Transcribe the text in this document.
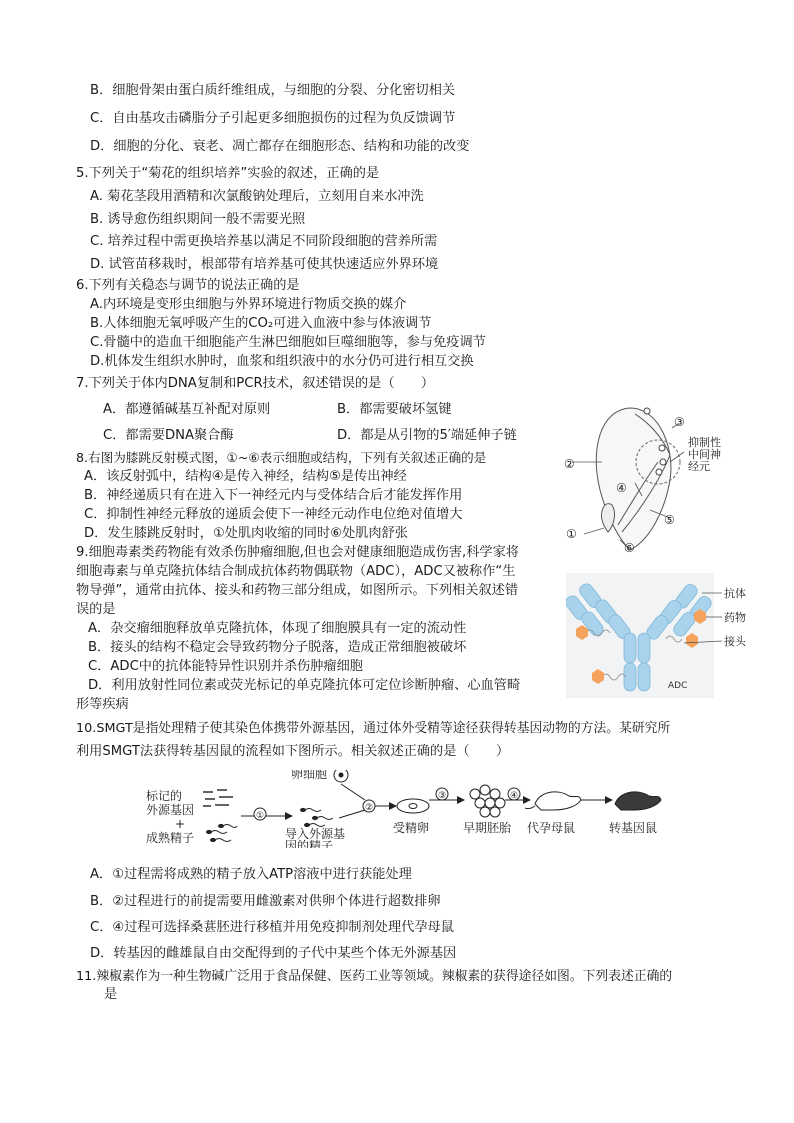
B．细胞骨架由蛋白质纤维组成，与细胞的分裂、分化密切相关
C．自由基攻击磷脂分子引起更多细胞损伤的过程为负反馈调节
D．细胞的分化、衰老、凋亡都存在细胞形态、结构和功能的改变
5.下列关于“菊花的组织培养”实验的叙述，正确的是
A. 菊花茎段用酒精和次氯酸钠处理后，立刻用自来水冲洗
B. 诱导愈伤组织期间一般不需要光照
C. 培养过程中需更换培养基以满足不同阶段细胞的营养所需
D. 试管苗移栽时，根部带有培养基可使其快速适应外界环境
6.下列有关稳态与调节的说法正确的是
A.内环境是变形虫细胞与外界环境进行物质交换的媒介
B.人体细胞无氧呼吸产生的CO₂可进入血液中参与体液调节
C.骨髓中的造血干细胞能产生淋巴细胞如巨噬细胞等，参与免疫调节
D.机体发生组织水肿时，血浆和组织液中的水分仍可进行相互交换
7.下列关于体内DNA复制和PCR技术，叙述错误的是（　　）
A．都遵循碱基互补配对原则	B．都需要破坏氢键
C．都需要DNA聚合酶	D．都是从引物的5′端延伸子链
8.右图为膝跳反射模式图，①~⑥表示细胞或结构，下列有关叙述正确的是
A．该反射弧中，结构④是传入神经，结构⑤是传出神经
B．神经递质只有在进入下一神经元内与受体结合后才能发挥作用
C．抑制性神经元释放的递质会使下一神经元动作电位绝对值增大
D．发生膝跳反射时，①处肌肉收缩的同时⑥处肌肉舒张
9.细胞毒素类药物能有效杀伤肿瘤细胞,但也会对健康细胞造成伤害,科学家将
细胞毒素与单克隆抗体结合制成抗体药物偶联物（ADC），ADC又被称作“生
物导弹”，通常由抗体、接头和药物三部分组成，如图所示。下列相关叙述错
误的是
A．杂交瘤细胞释放单克隆抗体，体现了细胞膜具有一定的流动性
B．接头的结构不稳定会导致药物分子脱落，造成正常细胞被破坏
C．ADC中的抗体能特异性识别并杀伤肿瘤细胞
D．利用放射性同位素或荧光标记的单克隆抗体可定位诊断肿瘤、心血管畸
形等疾病
10.SMGT是指处理精子使其染色体携带外源基因，通过体外受精等途径获得转基因动物的方法。某研究所
利用SMGT法获得转基因鼠的流程如下图所示。相关叙述正确的是（　　）
A．①过程需将成熟的精子放入ATP溶液中进行获能处理
B．②过程进行的前提需要用雌激素对供卵个体进行超数排卵
C．④过程可选择桑葚胚进行移植并用免疫抑制剂处理代孕母鼠
D．转基因的雌雄鼠自由交配得到的子代中某些个体无外源基因
11.辣椒素作为一种生物碱广泛用于食品保健、医药工业等领域。辣椒素的获得途径如图。下列表述正确的
是
②
③
④
⑤
①
⑥
抑制性
中间神
经元
抗体
药物
接头
ADC
标记的
外源基因
+
成熟精子
①
卵细胞
导入外源基
因的精子
②
受精卵
③
早期胚胎
④
代孕母鼠	转基因鼠
